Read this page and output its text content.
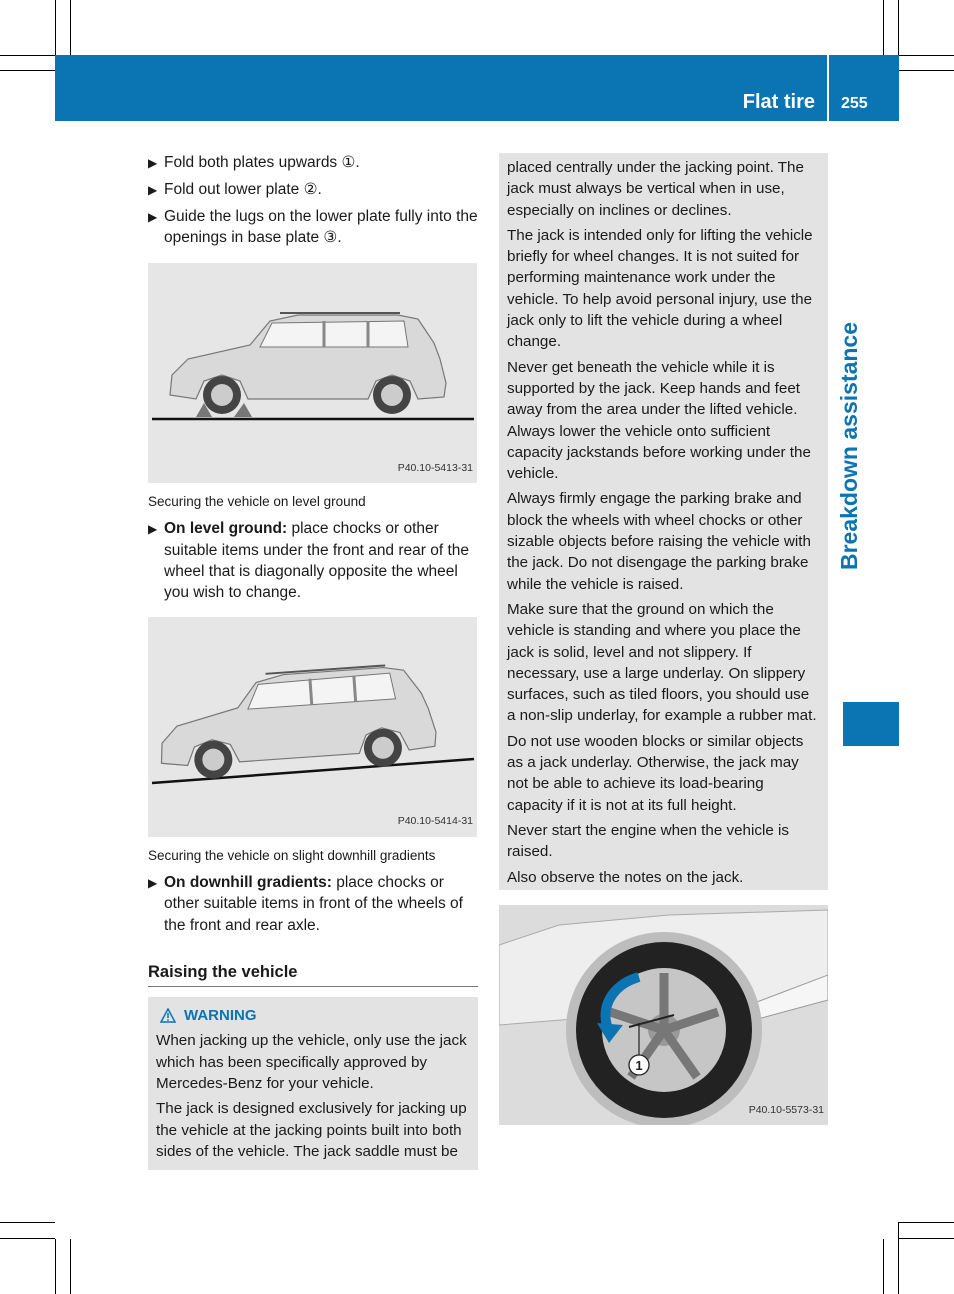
Flat tire 255
Breakdown assistance
▶ Fold both plates upwards ①.
▶ Fold out lower plate ②.
▶ Guide the lugs on the lower plate fully into the openings in base plate ③.
P40.10-5413-31
Securing the vehicle on level ground
▶ On level ground: place chocks or other suitable items under the front and rear of the wheel that is diagonally opposite the wheel you wish to change.
P40.10-5414-31
Securing the vehicle on slight downhill gradients
▶ On downhill gradients: place chocks or other suitable items in front of the wheels of the front and rear axle.
Raising the vehicle
WARNING

When jacking up the vehicle, only use the jack which has been specifically approved by Mercedes-Benz for your vehicle.

The jack is designed exclusively for jacking up the vehicle at the jacking points built into both sides of the vehicle. The jack saddle must be

placed centrally under the jacking point. The jack must always be vertical when in use, especially on inclines or declines.

The jack is intended only for lifting the vehicle briefly for wheel changes. It is not suited for performing maintenance work under the vehicle. To help avoid personal injury, use the jack only to lift the vehicle during a wheel change.

Never get beneath the vehicle while it is supported by the jack. Keep hands and feet away from the area under the lifted vehicle. Always lower the vehicle onto sufficient capacity jackstands before working under the vehicle.

Always firmly engage the parking brake and block the wheels with wheel chocks or other sizable objects before raising the vehicle with the jack. Do not disengage the parking brake while the vehicle is raised.

Make sure that the ground on which the vehicle is standing and where you place the jack is solid, level and not slippery. If necessary, use a large underlay. On slippery surfaces, such as tiled floors, you should use a non-slip underlay, for example a rubber mat.

Do not use wooden blocks or similar objects as a jack underlay. Otherwise, the jack may not be able to achieve its load-bearing capacity if it is not at its full height.

Never start the engine when the vehicle is raised.

Also observe the notes on the jack.

1
P40.10-5573-31
